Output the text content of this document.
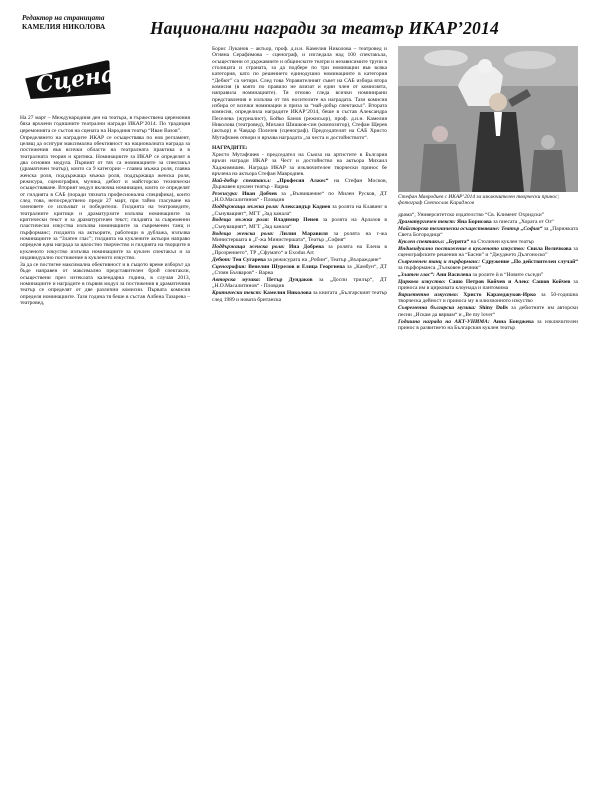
Редактор на страницата
КАМЕЛИЯ НИКОЛОВА	Национални награди за театър ИКАР’2014
Сцена

На 27 март – Международния ден на театъра, в тържествена церемония бяха връчени годишните театрални награди ИКАР’2014. По традиция церемонията се състоя на сцената на Народния театър “Иван Вазов”.

Определянето на наградите ИКАР се осъществява по нов регламент, целящ да осигури максимална обективност на националната награда за постижения във всички области на театралната практика и в театралната теория и критика. Номинациите за ИКАР се определят в два основни модула. Първият от тях са номинациите за спектакъл (драматичен театър), които са 9 категории – главна мъжка роля, главна женска роля, поддържаща мъжка роля, поддържаща женска роля, режисура, сценография, музика, дебют и майсторско технически осъществяване. Вторият модул включва номинации, които се определят от гилдията в САБ (поради тяхната професионална специфика), които след това, непосредствено преди 27 март, при тайно гласуване на членовете се излъчват и победители. Гилдията на театроведите, театралните критици и драматурзите излъчва номинациите за критически текст и за драматургичен текст; гилдията за съвременни пластически изкуства излъчва номинациите за съвременен танц и пърформанс; гилдията на актьорите, работещи в дублажа, излъчва номинациите за “Златен глас”; гилдията на куклените актьори направо определя една награда за цялостно творчество и гилдията на творците в кукленото изкуство излъчва номинациите за куклен спектакъл и за индивидуално постижение в кукленото изкуство.

За да се постигне максимална обективност и в същото време изборът да бъде направен от максимално представителен брой спектакли, осъществени през изтеклата календарна година, в случая 2013, номинациите и наградите в първия модул за постижения в драматичния театър се определят от две различни комисии. Първата комисия определя номинациите. Тази година тя беше в състав Албена Тазарева – театровед,

Борис Луканов – актьор, проф. д.и.н. Камелия Николова – театровед и Огняна Серафимова – сценограф, и изгледала над 100 спектакъла, осъществени от държавните и общинските театри и независимите трупи в столицата и страната, за да подбере по три номинации във всяка категория, като по решението единодушно номинациите в категория “Дебют” са четири. След това Управителният съвет на САБ избира втора комисия (в която по правило не влизат и един член от комисията, направила номинациите). Тя отново гледа всички номинирани представления и излъчва от тях носителите на наградата. Тази комисия избира от всички номинации и приза за “най-добър спектакъл”. Втората комисия, определила наградите ИКАР’2014, беше в състав Александра Песелева (журналист), Бойко Банов (режисьор), проф. д.и.н. Камелия Николова (театровед), Михаил Шишков-син (композитор), Стефан Щерев (актьор) и Чавдар Полезев (сценограф). Председателят на САБ Христо Мутафчиев отвори и връчва наградата „за честа и достойнството“.

НАГРАДИТЕ:

Христо Мутафчиев - председател на Съюза на артистите в България връчи награди ИКАР за Чест и достойнство на актьора Михаил Хаджимишев. Награда ИКАР за изключителен творчески принос бе връчена на актьора Стефан Мавродиев.

Най-добър спектакъл: „Професия Алжес“ на Стефан Москов, Държавен куклен театър - Варна

Режисура: Иван Добчев за „Възвишение“ по Милен Русков, ДТ „Н.О.Масалитинов“ - Пловдив

Поддържаща мъжка роля: Александър Кадиев за ролята на Клавинг в „Сънуващият“, МГТ „Зад канала“

Водеща мъжка роля: Владимир Пенев за ролята на Арлазов в „Сънуващият“, МГТ „Зад канала“

Водеща женска роля: Лилия Маравиля за ролята на г-жа Министершата в „Г-жа Министершата“, Театър „София“

Поддържаща женска роля: Ина Добрева за ролята на Елена в „Прозрението“, ТР „Сфумато“ и Exodus Art

Дебют: Теи Сугарева за режисурата на „Робин“, Театър „Възраждане“

Сценография: Венелин Шурелов и Елица Георгиева за „Камбун“, ДТ „Стоян Бъчваров“ - Варна

Авторска музика: Петър Дундаков за „Доспи трилър“, ДТ „Н.О.Масалитинов“ - Пловдив

Критически текст: Камелия Николова за книгата „Българският театър след 1989 и новата британска

Стефан Мавродиев с ИКАР’2014 за изключителен творчески принос; фотограф Светослав Караджов

драма“, Университетско издателство “Св. Климент Охридски”

Драматургичен текст: Яна Борисова за пиесата „Хората от Оз“

Майсторско технически осъществяване: Театър „София“ за „Парижката Света Богородица“

Куклен спектакъл: „Бурята“ на Столичен куклен театър

Индивидуално постижение в кукленото изкуство: Свила Величкова за сценографските решения на “Басни” и “Джуджето Дългоноско”

Съвременен танц и пърформанс: Сдружение „По действителен случай“ за пърформанса „Тълковен речник“

„Златен глас“: Ани Василева за ролите ѝ в “Новите съседи”

Цирково изкуство: Сашо Петров Койчев и Алекс Сашов Койчев за приноса им в цирковата клоунада и пантомима

Вариететно изкуство: Христо Карамджуков-Ирко за 50-годишна творческа дейност и приноса му в илюзионното изкуство

Съвременна българска музика: Shiny Dolls за дебютните им авторски песни „Искам да вярвам“ и „Be my lover“

Годишна награда на АКТ-УНИМА: Анна Бонджева за изключителен принос в развитието на Българския куклен театър
